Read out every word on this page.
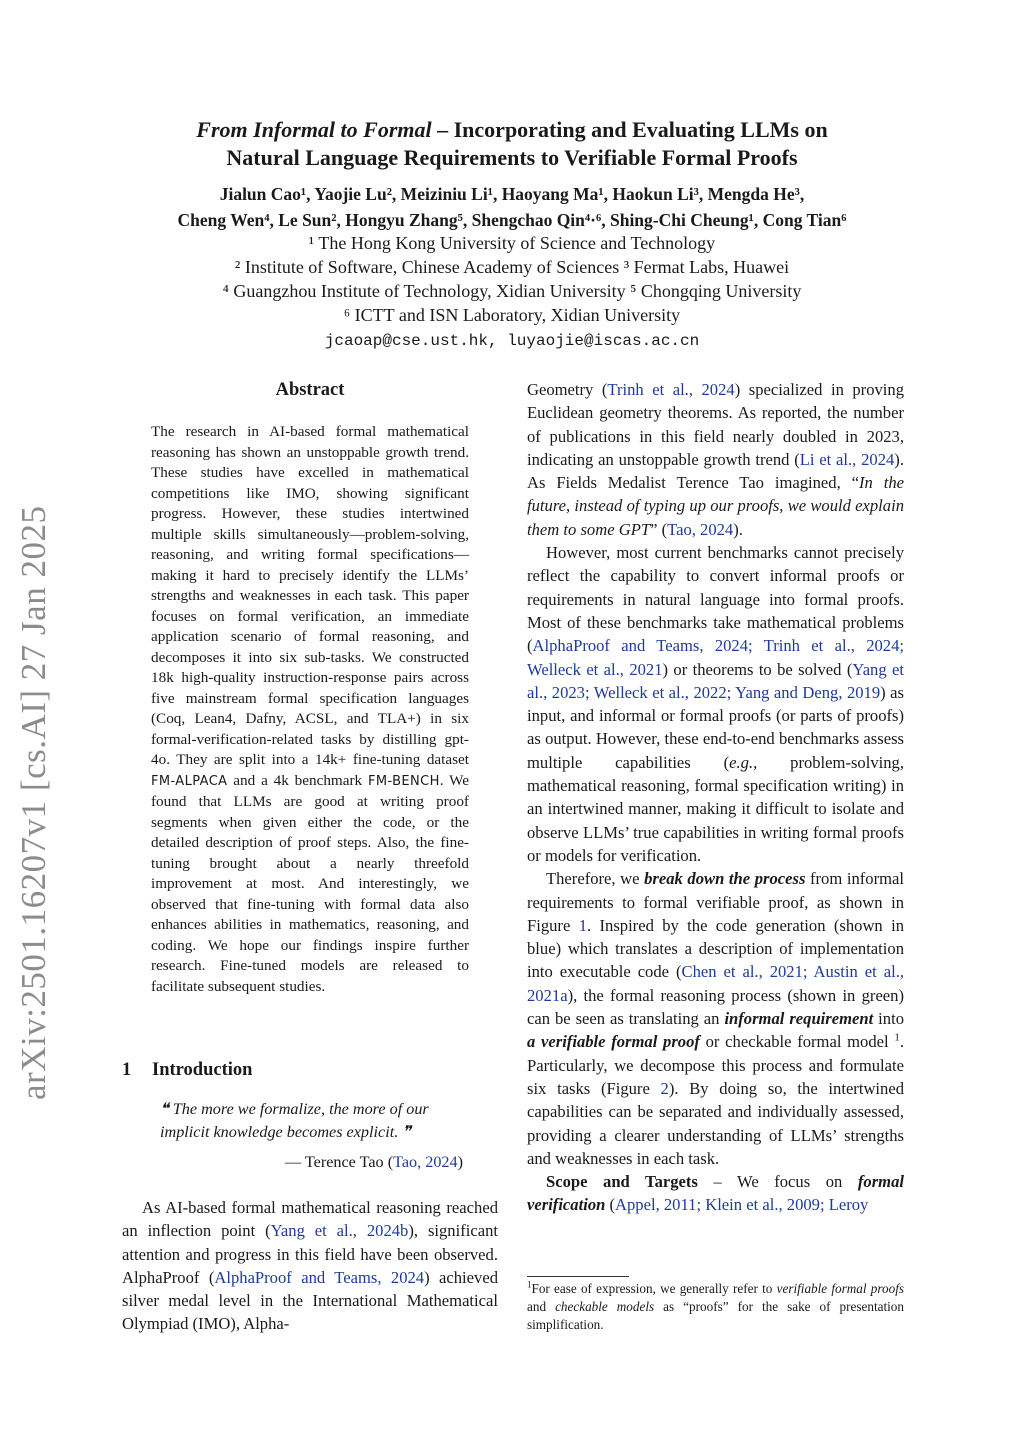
arXiv:2501.16207v1 [cs.AI] 27 Jan 2025
From Informal to Formal – Incorporating and Evaluating LLMs on
Natural Language Requirements to Verifiable Formal Proofs
Jialun Cao¹, Yaojie Lu², Meiziniu Li¹, Haoyang Ma¹, Haokun Li³, Mengda He³,
Cheng Wen⁴, Le Sun², Hongyu Zhang⁵, Shengchao Qin⁴·⁶, Shing-Chi Cheung¹, Cong Tian⁶
¹ The Hong Kong University of Science and Technology
² Institute of Software, Chinese Academy of Sciences ³ Fermat Labs, Huawei
⁴ Guangzhou Institute of Technology, Xidian University ⁵ Chongqing University
⁶ ICTT and ISN Laboratory, Xidian University
jcaoap@cse.ust.hk, luyaojie@iscas.ac.cn
Abstract
The research in AI-based formal mathematical reasoning has shown an unstoppable growth trend. These studies have excelled in mathematical competitions like IMO, showing significant progress. However, these studies intertwined multiple skills simultaneously—problem-solving, reasoning, and writing formal specifications—making it hard to precisely identify the LLMs’ strengths and weaknesses in each task. This paper focuses on formal verification, an immediate application scenario of formal reasoning, and decomposes it into six sub-tasks. We constructed 18k high-quality instruction-response pairs across five mainstream formal specification languages (Coq, Lean4, Dafny, ACSL, and TLA+) in six formal-verification-related tasks by distilling gpt-4o. They are split into a 14k+ fine-tuning dataset FM-ALPACA and a 4k benchmark FM-BENCH. We found that LLMs are good at writing proof segments when given either the code, or the detailed description of proof steps. Also, the fine-tuning brought about a nearly threefold improvement at most. And interestingly, we observed that fine-tuning with formal data also enhances abilities in mathematics, reasoning, and coding. We hope our findings inspire further research. Fine-tuned models are released to facilitate subsequent studies.
1 Introduction
❝ The more we formalize, the more of our implicit knowledge becomes explicit. ❞
— Terence Tao (Tao, 2024)
As AI-based formal mathematical reasoning reached an inflection point (Yang et al., 2024b), significant attention and progress in this field have been observed. AlphaProof (AlphaProof and Teams, 2024) achieved silver medal level in the International Mathematical Olympiad (IMO), Alpha-

Geometry (Trinh et al., 2024) specialized in proving Euclidean geometry theorems. As reported, the number of publications in this field nearly doubled in 2023, indicating an unstoppable growth trend (Li et al., 2024). As Fields Medalist Terence Tao imagined, “In the future, instead of typing up our proofs, we would explain them to some GPT” (Tao, 2024).

However, most current benchmarks cannot precisely reflect the capability to convert informal proofs or requirements in natural language into formal proofs. Most of these benchmarks take mathematical problems (AlphaProof and Teams, 2024; Trinh et al., 2024; Welleck et al., 2021) or theorems to be solved (Yang et al., 2023; Welleck et al., 2022; Yang and Deng, 2019) as input, and informal or formal proofs (or parts of proofs) as output. However, these end-to-end benchmarks assess multiple capabilities (e.g., problem-solving, mathematical reasoning, formal specification writing) in an intertwined manner, making it difficult to isolate and observe LLMs’ true capabilities in writing formal proofs or models for verification.

Therefore, we break down the process from informal requirements to formal verifiable proof, as shown in Figure 1. Inspired by the code generation (shown in blue) which translates a description of implementation into executable code (Chen et al., 2021; Austin et al., 2021a), the formal reasoning process (shown in green) can be seen as translating an informal requirement into a verifiable formal proof or checkable formal model $^1$. Particularly, we decompose this process and formulate six tasks (Figure 2). By doing so, the intertwined capabilities can be separated and individually assessed, providing a clearer understanding of LLMs’ strengths and weaknesses in each task.

Scope and Targets – We focus on formal verification (Appel, 2011; Klein et al., 2009; Leroy

$^1$For ease of expression, we generally refer to verifiable formal proofs and checkable models as “proofs” for the sake of presentation simplification.
